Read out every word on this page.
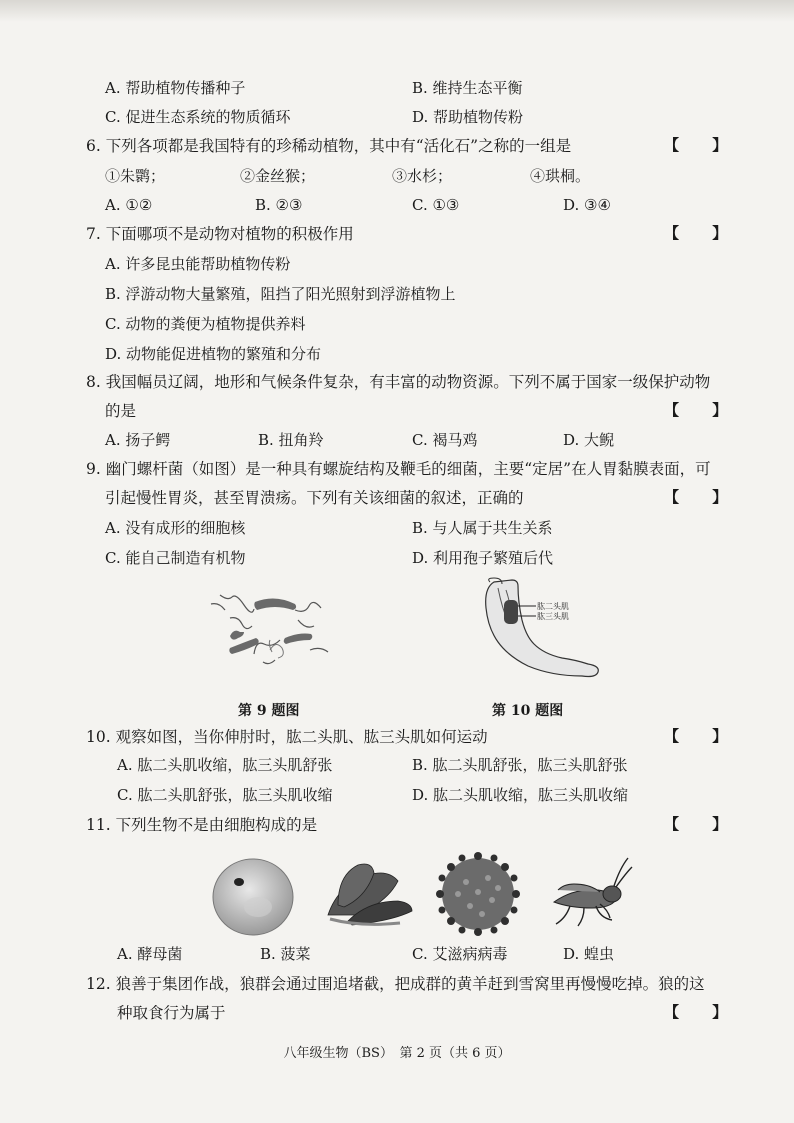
A. 帮助植物传播种子	B. 维持生态平衡
C. 促进生态系统的物质循环	D. 帮助植物传粉
6. 下列各项都是我国特有的珍稀动植物，其中有“活化石”之称的一组是	【 】
①朱鹮；	②金丝猴；	③水杉；	④珙桐。
A. ①②	B. ②③	C. ①③	D. ③④
7. 下面哪项不是动物对植物的积极作用	【 】
A. 许多昆虫能帮助植物传粉
B. 浮游动物大量繁殖，阻挡了阳光照射到浮游植物上
C. 动物的粪便为植物提供养料
D. 动物能促进植物的繁殖和分布
8. 我国幅员辽阔，地形和气候条件复杂，有丰富的动物资源。下列不属于国家一级保护动物
的是	【 】
A. 扬子鳄	B. 扭角羚	C. 褐马鸡	D. 大鲵
9. 幽门螺杆菌（如图）是一种具有螺旋结构及鞭毛的细菌，主要“定居”在人胃黏膜表面，可
引起慢性胃炎，甚至胃溃疡。下列有关该细菌的叙述，正确的	【 】
A. 没有成形的细胞核	B. 与人属于共生关系
C. 能自己制造有机物	D. 利用孢子繁殖后代
肱二头肌
肱三头肌
第 9 题图	第 10 题图
10. 观察如图，当你伸肘时，肱二头肌、肱三头肌如何运动	【 】
A. 肱二头肌收缩，肱三头肌舒张	B. 肱二头肌舒张，肱三头肌舒张
C. 肱二头肌舒张，肱三头肌收缩	D. 肱二头肌收缩，肱三头肌收缩
11. 下列生物不是由细胞构成的是	【 】
A. 酵母菌	B. 菠菜	C. 艾滋病病毒	D. 蝗虫
12. 狼善于集团作战，狼群会通过围追堵截，把成群的黄羊赶到雪窝里再慢慢吃掉。狼的这
种取食行为属于	【 】
八年级生物（BS）　第 2 页（共 6 页）
